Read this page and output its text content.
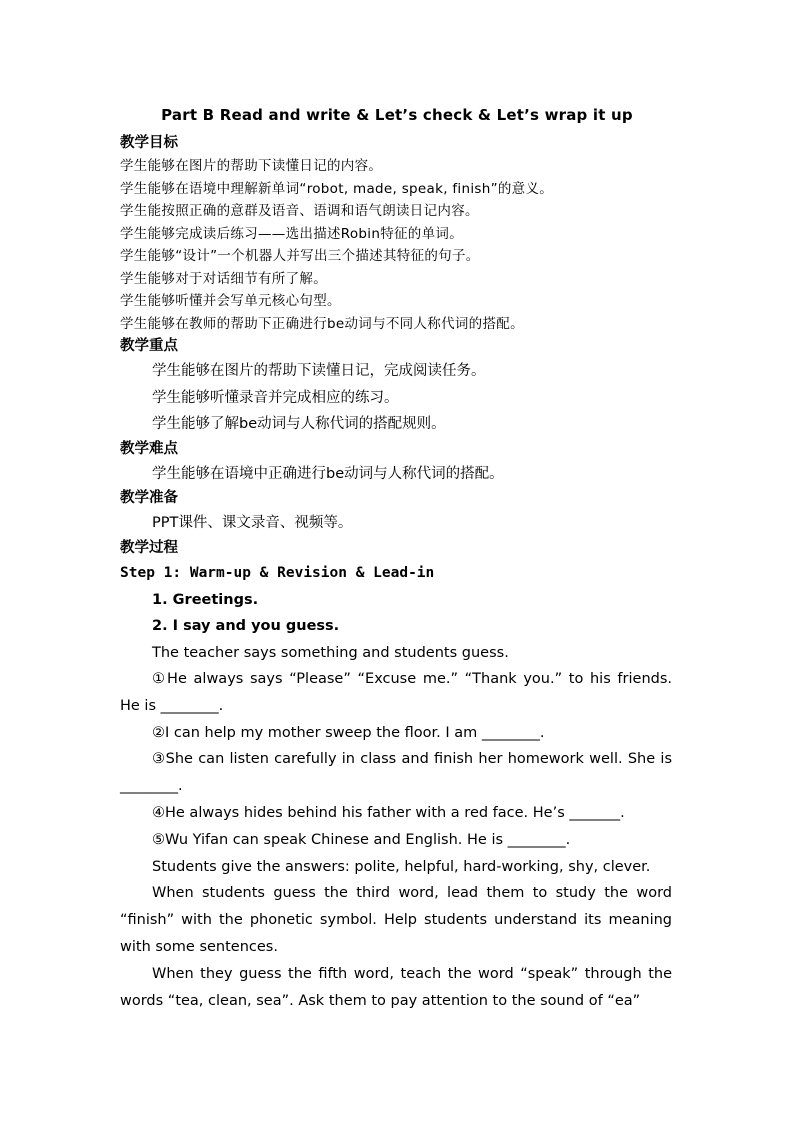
Part B Read and write & Let’s check & Let’s wrap it up
教学目标
学生能够在图片的帮助下读懂日记的内容。
学生能够在语境中理解新单词“robot, made, speak, finish”的意义。
学生能按照正确的意群及语音、语调和语气朗读日记内容。
学生能够完成读后练习——选出描述Robin特征的单词。
学生能够“设计”一个机器人并写出三个描述其特征的句子。
学生能够对于对话细节有所了解。
学生能够听懂并会写单元核心句型。
学生能够在教师的帮助下正确进行be动词与不同人称代词的搭配。
教学重点
学生能够在图片的帮助下读懂日记，完成阅读任务。
学生能够听懂录音并完成相应的练习。
学生能够了解be动词与人称代词的搭配规则。
教学难点
学生能够在语境中正确进行be动词与人称代词的搭配。
教学准备
PPT课件、课文录音、视频等。
教学过程
Step 1: Warm-up & Revision & Lead-in
1. Greetings.
2. I say and you guess.
The teacher says something and students guess.
①He always says “Please” “Excuse me.” “Thank you.” to his friends. He is ________.
②I can help my mother sweep the floor. I am ________.
③She can listen carefully in class and finish her homework well. She is ________.
④He always hides behind his father with a red face. He’s _______.
⑤Wu Yifan can speak Chinese and English. He is ________.
Students give the answers: polite, helpful, hard-working, shy, clever.
When students guess the third word, lead them to study the word “finish” with the phonetic symbol. Help students understand its meaning with some sentences.
When they guess the fifth word, teach the word “speak” through the words “tea, clean, sea”. Ask them to pay attention to the sound of “ea”
